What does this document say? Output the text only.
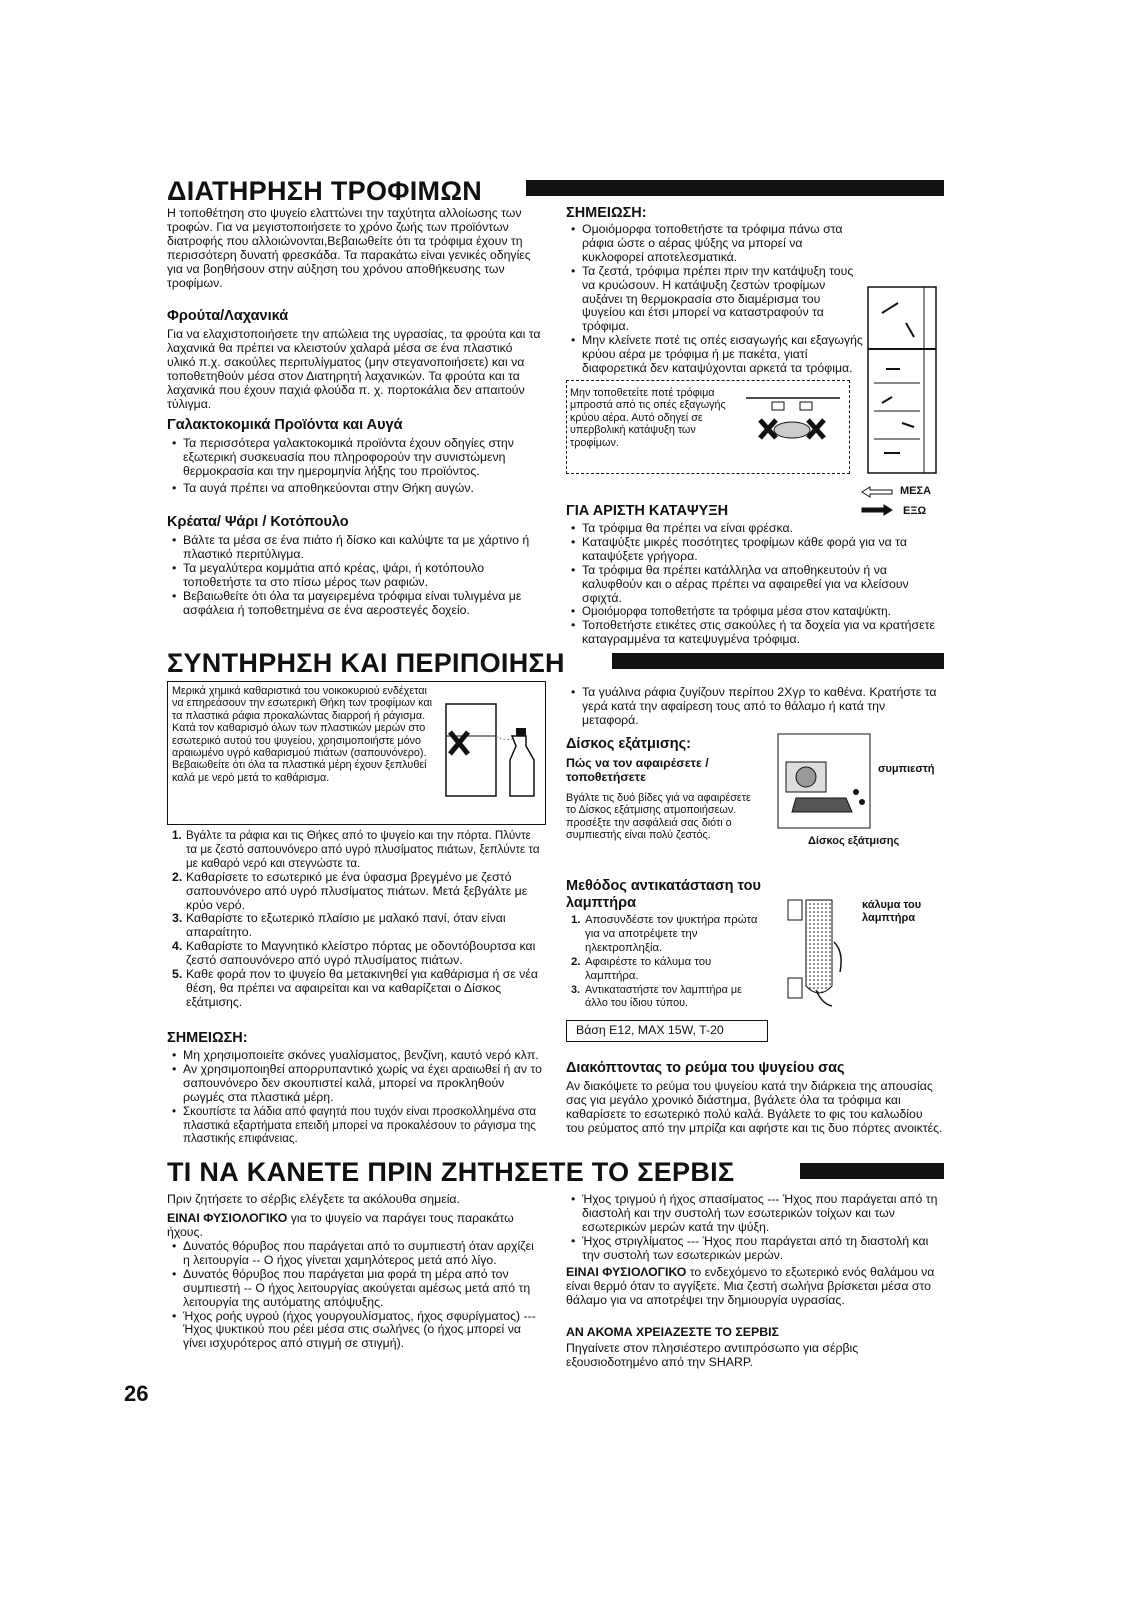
ΔΙΑΤΗΡΗΣΗ ΤΡΟΦΙΜΩΝ

Η τοποθέτηση στο ψυγείο ελαττώνει την ταχύτητα αλλοίωσης των τροφών. Για να μεγιστοποιήσετε το χρόνο ζωής των προϊόντων διατροφής που αλλοιώνονται,Βεβαιωθείτε ότι τα τρόφιμα έχουν τη περισσότερη δυνατή φρεσκάδα. Τα παρακάτω είναι γενικές οδηγίες για να βοηθήσουν στην αύξηση του χρόνου αποθήκευσης των τροφίμων.

Φρούτα/Λαχανικά

Για να ελαχιστοποιήσετε την απώλεια της υγρασίας, τα φρούτα και τα λαχανικά θα πρέπει να κλειστούν χαλαρά μέσα σε ένα πλαστικό υλικό π.χ. σακούλες περιτυλίγματος (μην στεγανοποιήσετε) και να τοποθετηθούν μέσα στον Διατηρητή λαχανικών. Τα φρούτα και τα λαχανικά που έχουν παχιά φλούδα π. χ. πορτοκάλια δεν απαιτούν τύλιγμα.

Γαλακτοκομικά Προϊόντα και Αυγά

• Τα περισσότερα γαλακτοκομικά προϊόντα έχουν οδηγίες στην εξωτερική συσκευασία που πληροφορούν την συνιστώμενη θερμοκρασία και την ημερομηνία λήξης του προϊόντος.
• Τα αυγά πρέπει να αποθηκεύονται στην Θήκη αυγών.

Κρέατα/ Ψάρι / Κοτόπουλο

• Βάλτε τα μέσα σε ένα πιάτο ή δίσκο και καλύψτε τα με χάρτινο ή πλαστικό περιτύλιγμα.
• Τα μεγαλύτερα κομμάτια από κρέας, ψάρι, ή κοτόπουλο τοποθετήστε τα στο πίσω μέρος των ραφιών.
• Βεβαιωθείτε ότι όλα τα μαγειρεμένα τρόφιμα είναι τυλιγμένα με ασφάλεια ή τοποθετημένα σε ένα αεροστεγές δοχείο.

ΣΗΜΕΙΩΣΗ:

• Ομοιόμορφα τοποθετήστε τα τρόφιμα πάνω στα ράφια ώστε ο αέρας ψύξης να μπορεί να κυκλοφορεί αποτελεσματικά.
• Τα ζεστά, τρόφιμα πρέπει πριν την κατάψυξη τους να κρυώσουν. Η κατάψυξη ζεστών τροφίμων αυξάνει τη θερμοκρασία στο διαμέρισμα του ψυγείου και έτσι μπορεί να καταστραφούν τα τρόφιμα.
• Μην κλείνετε ποτέ τις οπές εισαγωγής και εξαγωγής κρύου αέρα με τρόφιμα ή με πακέτα, γιατί διαφορετικά δεν καταψύχονται αρκετά τα τρόφιμα.

Μην τοποθετείτε ποτέ τρόφιμα μπροστά από τις οπές εξαγωγής κρύου αέρα. Αυτό οδηγεί σε υπερβολική κατάψυξη των τροφίμων.

ΜΕΣΑ
ΕΞΩ

ΓΙΑ ΑΡΙΣΤΗ ΚΑΤΑΨΥΞΗ

• Τα τρόφιμα θα πρέπει να είναι φρέσκα.
• Καταψύξτε μικρές ποσότητες τροφίμων κάθε φορά για να τα καταψύξετε γρήγορα.
• Τα τρόφιμα θα πρέπει κατάλληλα να αποθηκευτούν ή να καλυφθούν και ο αέρας πρέπει να αφαιρεθεί για να κλείσουν σφιχτά.
• Ομοιόμορφα τοποθετήστε τα τρόφιμα μέσα στον καταψύκτη.
• Τοποθετήστε ετικέτες στις σακούλες ή τα δοχεία για να κρατήσετε καταγραμμένα τα κατεψυγμένα τρόφιμα.
ΣΥΝΤΗΡΗΣΗ ΚΑΙ ΠΕΡΙΠΟΙΗΣΗ

Μερικά χημικά καθαριστικά του νοικοκυριού ενδέχεται να επηρεάσουν την εσωτερική Θήκη των τροφίμων και τα πλαστικά ράφια προκαλώντας διαρροή ή ράγισμα. Κατά τον καθαρισμό όλων των πλαστικών μερών στο εσωτερικό αυτού του ψυγείου, χρησιμοποιήστε μόνο αραιωμένο υγρό καθαρισμού πιάτων (σαπουνόνερο). Βεβαιωθείτε ότι όλα τα πλαστικά μέρη έχουν ξεπλυθεί καλά με νερό μετά το καθάρισμα.

1. Βγάλτε τα ράφια και τις Θήκες από το ψυγείο και την πόρτα. Πλύντε τα με ζεστό σαπουνόνερο από υγρό πλυσίματος πιάτων, ξεπλύντε τα με καθαρό νερό και στεγνώστε τα.
2. Καθαρίσετε το εσωτερικό με ένα ύφασμα βρεγμένο με ζεστό σαπουνόνερο από υγρό πλυσίματος πιάτων. Μετά ξεβγάλτε με κρύο νερό.
3. Καθαρίστε το εξωτερικό πλαίσιο με μαλακό πανί, όταν είναι απαραίτητο.
4. Καθαρίστε το Μαγνητικό κλείστρο πόρτας με οδοντόβουρτσα και ζεστό σαπουνόνερο από υγρό πλυσίματος πιάτων.
5. Καθε φορά πον το ψυγείο θα μετακινηθεί για καθάρισμα ή σε νέα θέση, θα πρέπει να αφαιρείται και να καθαρίζεται ο Δίσκος εξάτμισης.

ΣΗΜΕΙΩΣΗ:

• Μη χρησιμοποιείτε σκόνες γυαλίσματος, βενζίνη, καυτό νερό κλπ.
• Αν χρησιμοποιηθεί απορρυπαντικό χωρίς να έχει αραιωθεί ή αν το σαπουνόνερο δεν σκουπιστεί καλά, μπορεί να προκληθούν ρωγμές στα πλαστικά μέρη.
• Σκουπίστε τα λάδια από φαγητά που τυχόν είναι προσκολλημένα στα πλαστικά εξαρτήματα επειδή μπορεί να προκαλέσουν το ράγισμα της πλαστικής επιφάνειας.
• Τα γυάλινα ράφια ζυγίζουν περίπου 2Χγρ το καθένα. Κρατήστε τα γερά κατά την αφαίρεση τους από το θάλαμο ή κατά την μεταφορά.

Δίσκος εξάτμισης:

Πώς να τον αφαιρέσετε / τοποθετήσετε

Βγάλτε τις δυό βίδες γιά να αφαιρέσετε το Δίσκος εξάτμισης ατμοποιήσεων. προσέξτε την ασφάλειά σας διότι ο συμπιεστής είναι πολύ ζεστός.

συμπιεστή
Δίσκος εξάτμισης

Μεθόδος αντικατάσταση του λαμπτήρα

1. Αποσυνδέστε τον ψυκτήρα πρώτα για να αποτρέψετε την ηλεκτροπληξία.
2. Αφαιρέστε το κάλυμα του λαμπτήρα.
3. Αντικαταστήστε τον λαμπτήρα με άλλο του ίδιου τύπου.
κάλυμα του λαμπτήρα
Βάση E12, MAX 15W, T-20

Διακόπτοντας το ρεύμα του ψυγείου σας

Αν διακόψετε το ρεύμα του ψυγείου κατά την διάρκεια της απουσίας σας για μεγάλο χρονικό διάστημα, βγάλετε όλα τα τρόφιμα και καθαρίσετε το εσωτερικό πολύ καλά. Βγάλετε το φις του καλωδίου του ρεύματος από την μπρίζα και αφήστε και τις δυο πόρτες ανοικτές.

ΤΙ ΝΑ ΚΑΝΕΤΕ ΠΡΙΝ ΖΗΤΗΣΕΤΕ ΤΟ ΣΕΡΒΙΣ

Πριν ζητήσετε το σέρβις ελέγξετε τα ακόλουθα σημεία.

ΕΙΝΑΙ ΦΥΣΙΟΛΟΓΙΚΟ για το ψυγείο να παράγει τους παρακάτω ήχους.

• Δυνατός θόρυβος που παράγεται από το συμπιεστή όταν αρχίζει η λειτουργία -- Ο ήχος γίνεται χαμηλότερος μετά από λίγο.
• Δυνατός θόρυβος που παράγεται μια φορά τη μέρα από τον συμπιεστή -- Ο ήχος λειτουργίας ακούγεται αμέσως μετά από τη λειτουργία της αυτόματης απόψυξης.
• Ήχος ροής υγρού (ήχος γουργουλίσματος, ήχος σφυρίγματος) --- Ήχος ψυκτικού που ρέει μέσα στις σωλήνες (ο ήχος μπορεί να γίνει ισχυρότερος από στιγμή σε στιγμή).
• Ήχος τριγμού ή ήχος σπασίματος --- Ήχος που παράγεται από τη διαστολή και την συστολή των εσωτερικών τοίχων και των εσωτερικών μερών κατά την ψύξη.
• Ήχος στριγλίματος --- Ήχος που παράγεται από τη διαστολή και την συστολή των εσωτερικών μερών.

ΕΙΝΑΙ ΦΥΣΙΟΛΟΓΙΚΟ το ενδεχόμενο το εξωτερικό ενός θαλάμου να είναι θερμό όταν το αγγίξετε. Μια ζεστή σωλήνα βρίσκεται μέσα στο θάλαμο για να αποτρέψει την δημιουργία υγρασίας.

ΑΝ ΑΚΟΜΑ ΧΡΕΙΑΖΕΣΤΕ ΤΟ ΣΕΡΒΙΣ

Πηγαίνετε στον πλησιέστερο αντιπρόσωπο για σέρβις εξουσιοδοτημένο από την SHARP.

26
